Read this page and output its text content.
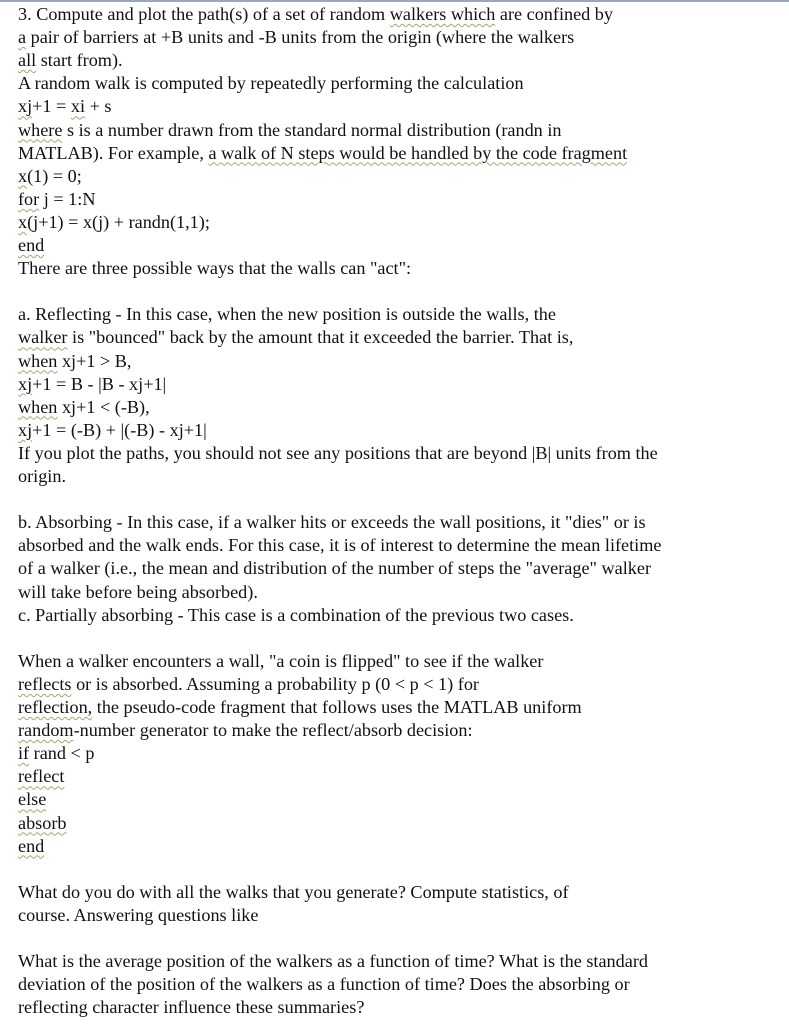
3. Compute and plot the path(s) of a set of random walkers which are confined by
a pair of barriers at +B units and -B units from the origin (where the walkers
all start from).
A random walk is computed by repeatedly performing the calculation
xj+1 = xi + s
where s is a number drawn from the standard normal distribution (randn in
MATLAB). For example, a walk of N steps would be handled by the code fragment
x(1) = 0;
for j = 1:N
x(j+1) = x(j) + randn(1,1);
end
There are three possible ways that the walls can "act":
a. Reflecting - In this case, when the new position is outside the walls, the
walker is "bounced" back by the amount that it exceeded the barrier. That is,
when xj+1 > B,
xj+1 = B - |B - xj+1|
when xj+1 < (-B),
xj+1 = (-B) + |(-B) - xj+1|
If you plot the paths, you should not see any positions that are beyond |B| units from the
origin.
b. Absorbing - In this case, if a walker hits or exceeds the wall positions, it "dies" or is
absorbed and the walk ends. For this case, it is of interest to determine the mean lifetime
of a walker (i.e., the mean and distribution of the number of steps the "average" walker
will take before being absorbed).
c. Partially absorbing - This case is a combination of the previous two cases.
When a walker encounters a wall, "a coin is flipped" to see if the walker
reflects or is absorbed. Assuming a probability p (0 < p < 1) for
reflection, the pseudo-code fragment that follows uses the MATLAB uniform
random-number generator to make the reflect/absorb decision:
if rand < p
reflect
else
absorb
end
What do you do with all the walks that you generate? Compute statistics, of
course. Answering questions like
What is the average position of the walkers as a function of time? What is the standard
deviation of the position of the walkers as a function of time? Does the absorbing or
reflecting character influence these summaries?
